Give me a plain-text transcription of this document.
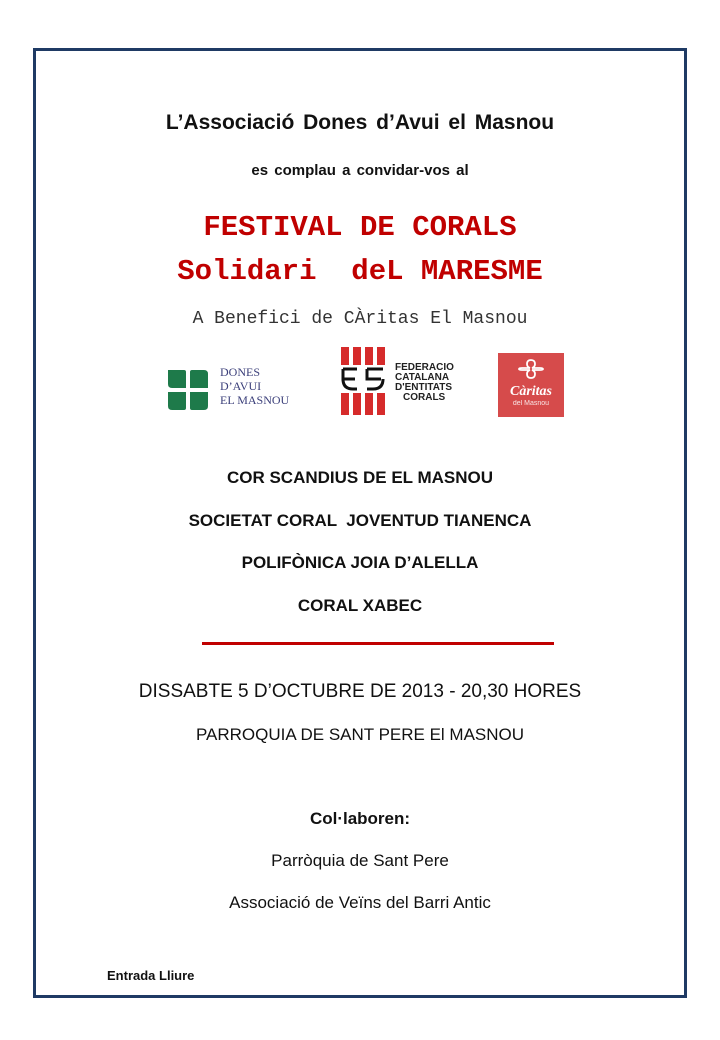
L’Associació Dones d’Avui el Masnou
es complau a convidar-vos al
FESTIVAL DE CORALS
Solidari  deL MARESME
A Benefici de CÀritas El Masnou
DONES
D’AVUI
EL MASNOU
FEDERACIO
CATALANA
D'ENTITATS
CORALS	Càritas
del Masnou
COR SCANDIUS DE EL MASNOU
SOCIETAT CORAL  JOVENTUD TIANENCA
POLIFÒNICA JOIA D’ALELLA
CORAL XABEC
DISSABTE 5 D’OCTUBRE DE 2013 - 20,30 HORES
PARROQUIA DE SANT PERE El MASNOU
Col·laboren:
Parròquia de Sant Pere
Associació de Veïns del Barri Antic
Entrada Lliure
